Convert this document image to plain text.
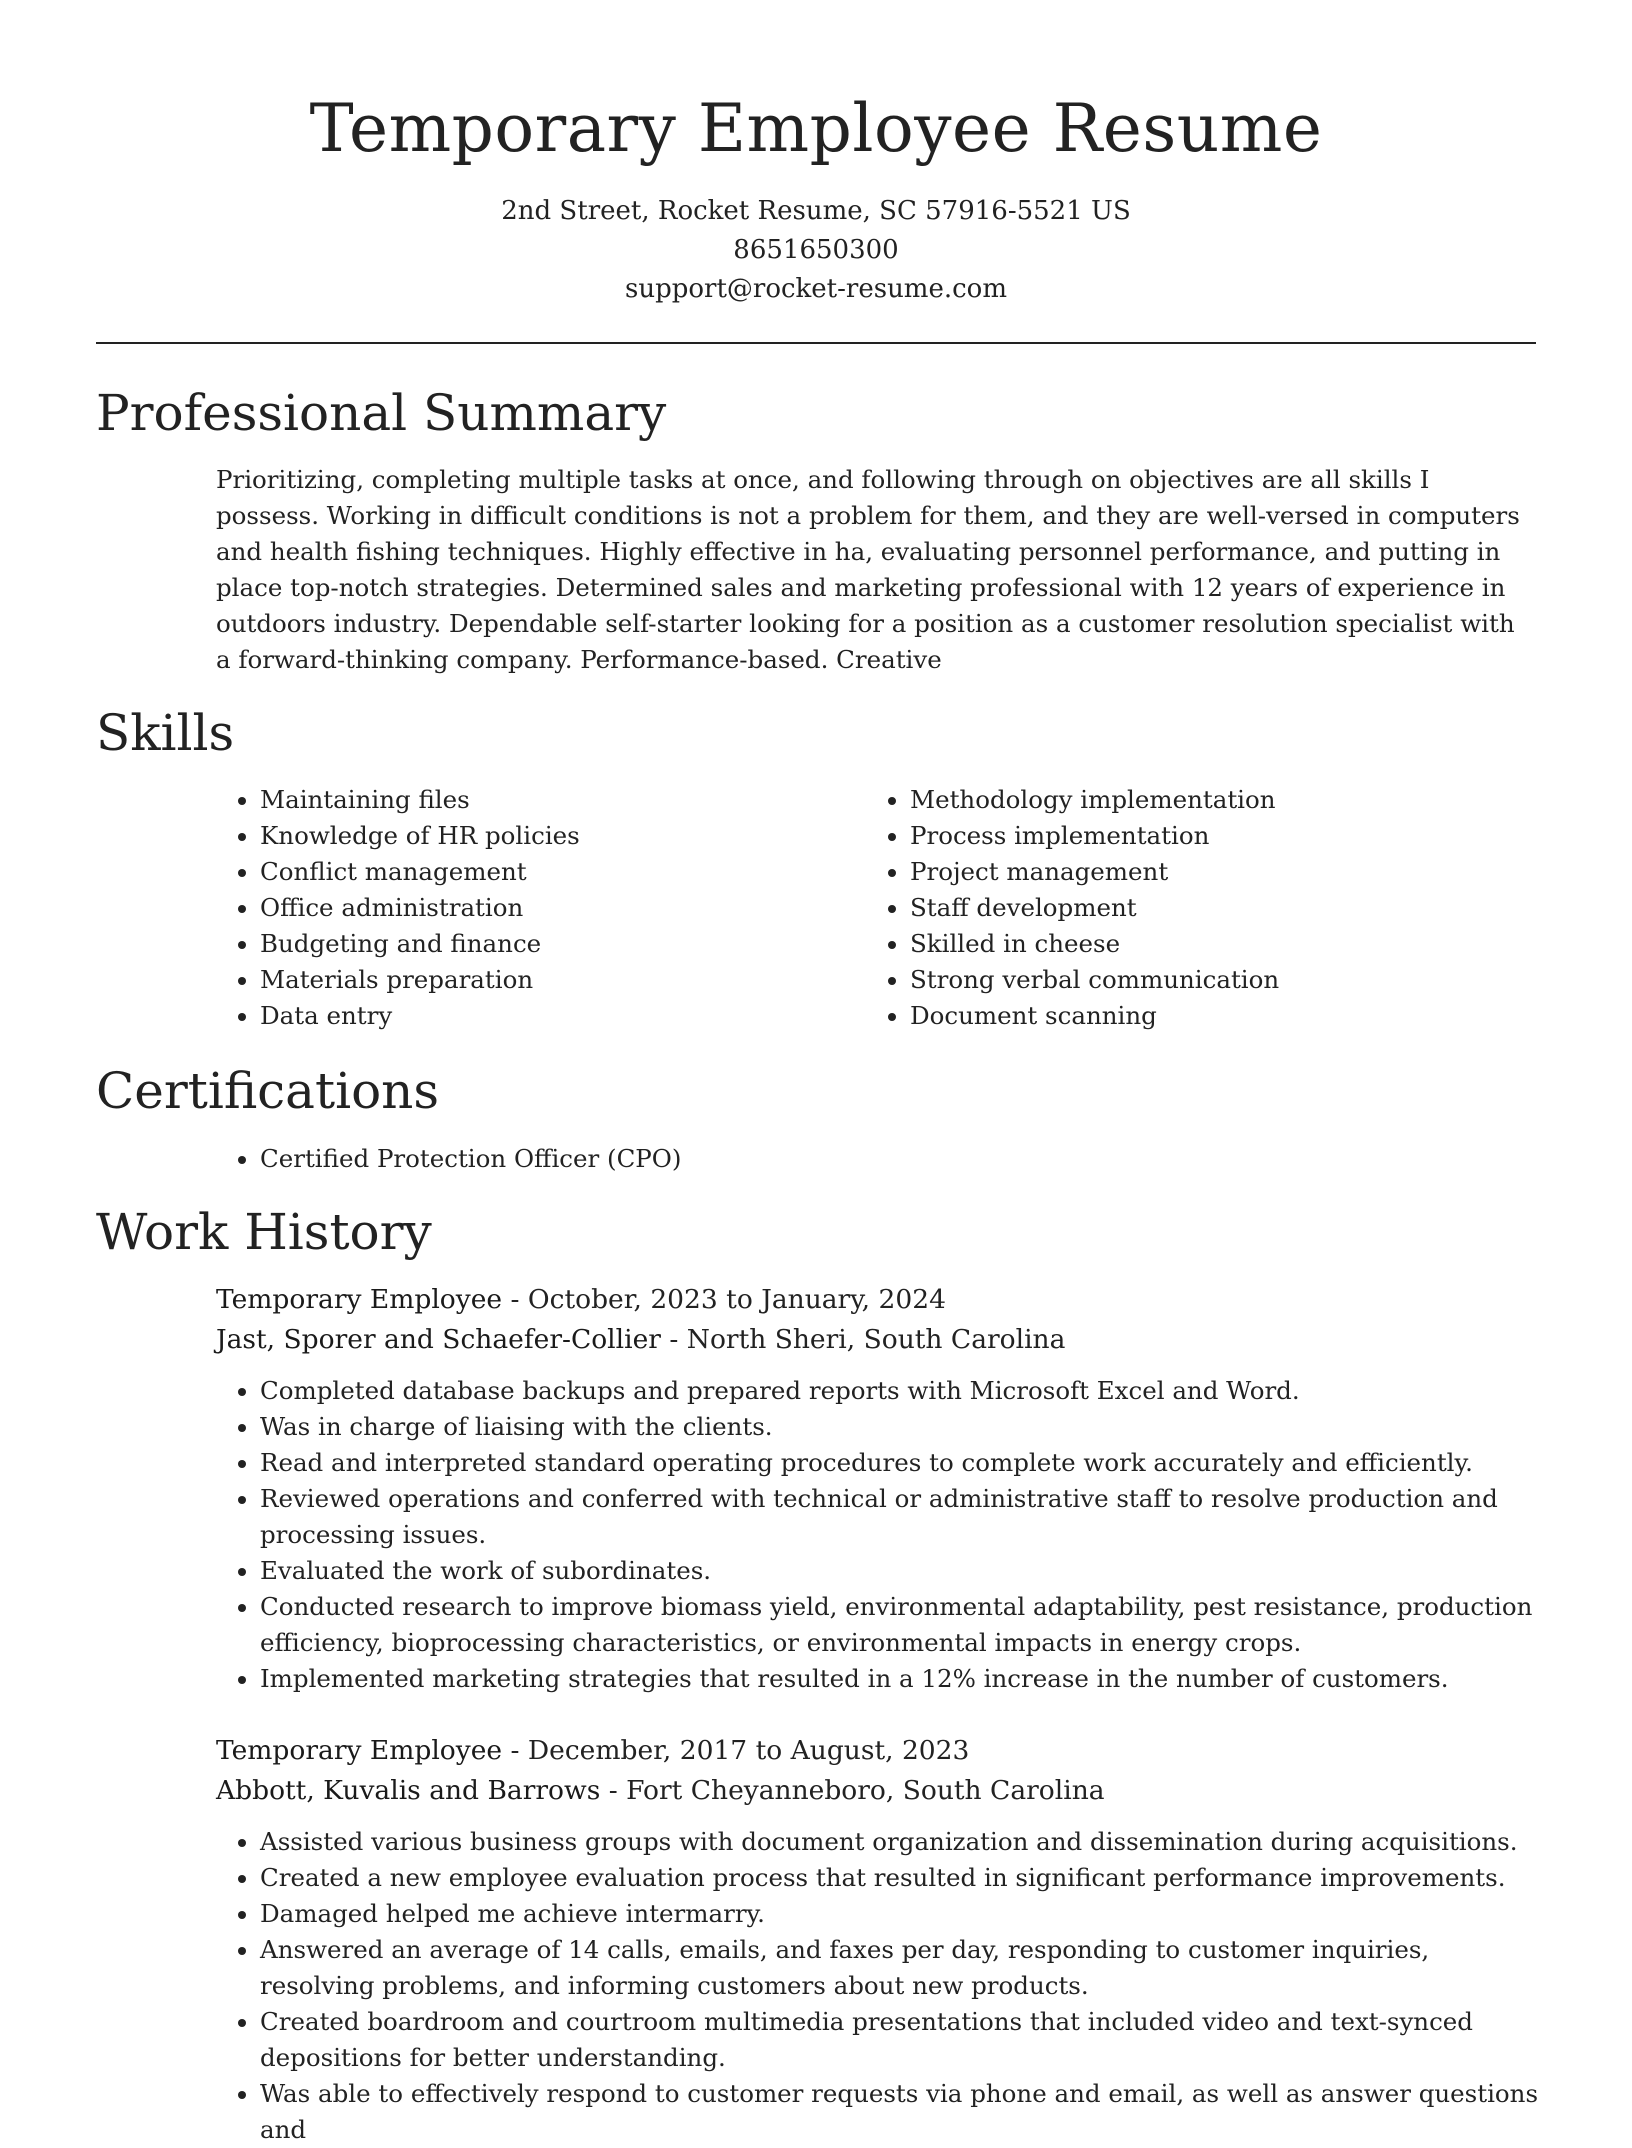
Temporary Employee Resume
2nd Street, Rocket Resume, SC 57916-5521 US
8651650300
support@rocket-resume.com
Professional Summary

Prioritizing, completing multiple tasks at once, and following through on objectives are all skills I possess. Working in difficult conditions is not a problem for them, and they are well-versed in computers and health fishing techniques. Highly effective in ha, evaluating personnel performance, and putting in place top-notch strategies. Determined sales and marketing professional with 12 years of experience in outdoors industry. Dependable self-starter looking for a position as a customer resolution specialist with a forward-thinking company. Performance-based. Creative

Skills
• Maintaining files
• Knowledge of HR policies
• Conflict management
• Office administration
• Budgeting and finance
• Materials preparation
• Data entry
• Methodology implementation
• Process implementation
• Project management
• Staff development
• Skilled in cheese
• Strong verbal communication
• Document scanning
Certifications
• Certified Protection Officer (CPO)
Work History
Temporary Employee - October, 2023 to January, 2024
Jast, Sporer and Schaefer-Collier - North Sheri, South Carolina
• Completed database backups and prepared reports with Microsoft Excel and Word.
• Was in charge of liaising with the clients.
• Read and interpreted standard operating procedures to complete work accurately and efficiently.
• Reviewed operations and conferred with technical or administrative staff to resolve production and processing issues.
• Evaluated the work of subordinates.
• Conducted research to improve biomass yield, environmental adaptability, pest resistance, production efficiency, bioprocessing characteristics, or environmental impacts in energy crops.
• Implemented marketing strategies that resulted in a 12% increase in the number of customers.
Temporary Employee - December, 2017 to August, 2023
Abbott, Kuvalis and Barrows - Fort Cheyanneboro, South Carolina
• Assisted various business groups with document organization and dissemination during acquisitions.
• Created a new employee evaluation process that resulted in significant performance improvements.
• Damaged helped me achieve intermarry.
• Answered an average of 14 calls, emails, and faxes per day, responding to customer inquiries, resolving problems, and informing customers about new products.
• Created boardroom and courtroom multimedia presentations that included video and text-synced depositions for better understanding.
• Was able to effectively respond to customer requests via phone and email, as well as answer questions and
